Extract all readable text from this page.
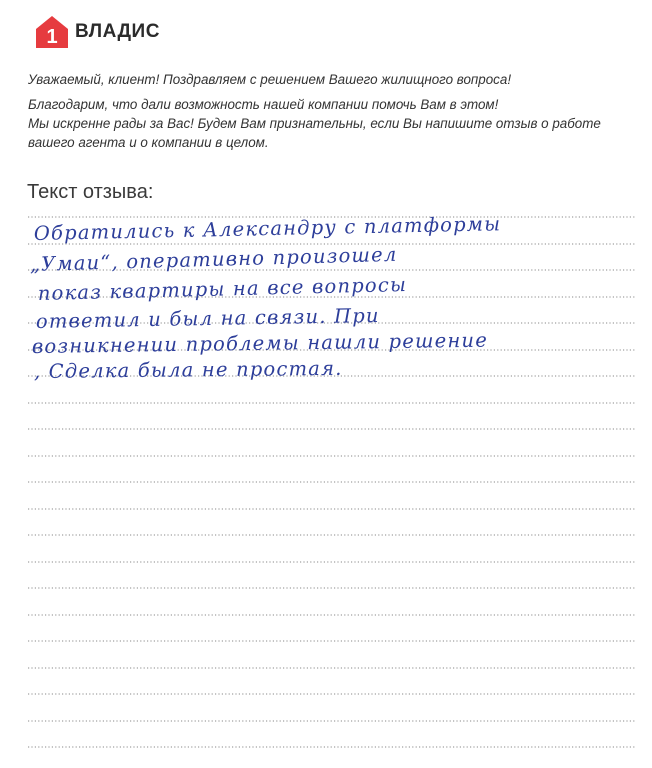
1 ВЛАДИС

Уважаемый, клиент! Поздравляем с решением Вашего жилищного вопроса!

Благодарим, что дали возможность нашей компании помочь Вам в этом!

Мы искренне рады за Вас! Будем Вам признательны, если Вы напишите отзыв о работе

вашего агента и о компании в целом.

Текст отзыва:
Обратились к Александру с платформы
„Умаи“, оперативно произошел
показ квартиры на все вопросы
ответил и был на связи. При
возникнении проблемы нашли решение
, Сделка была не простая.
